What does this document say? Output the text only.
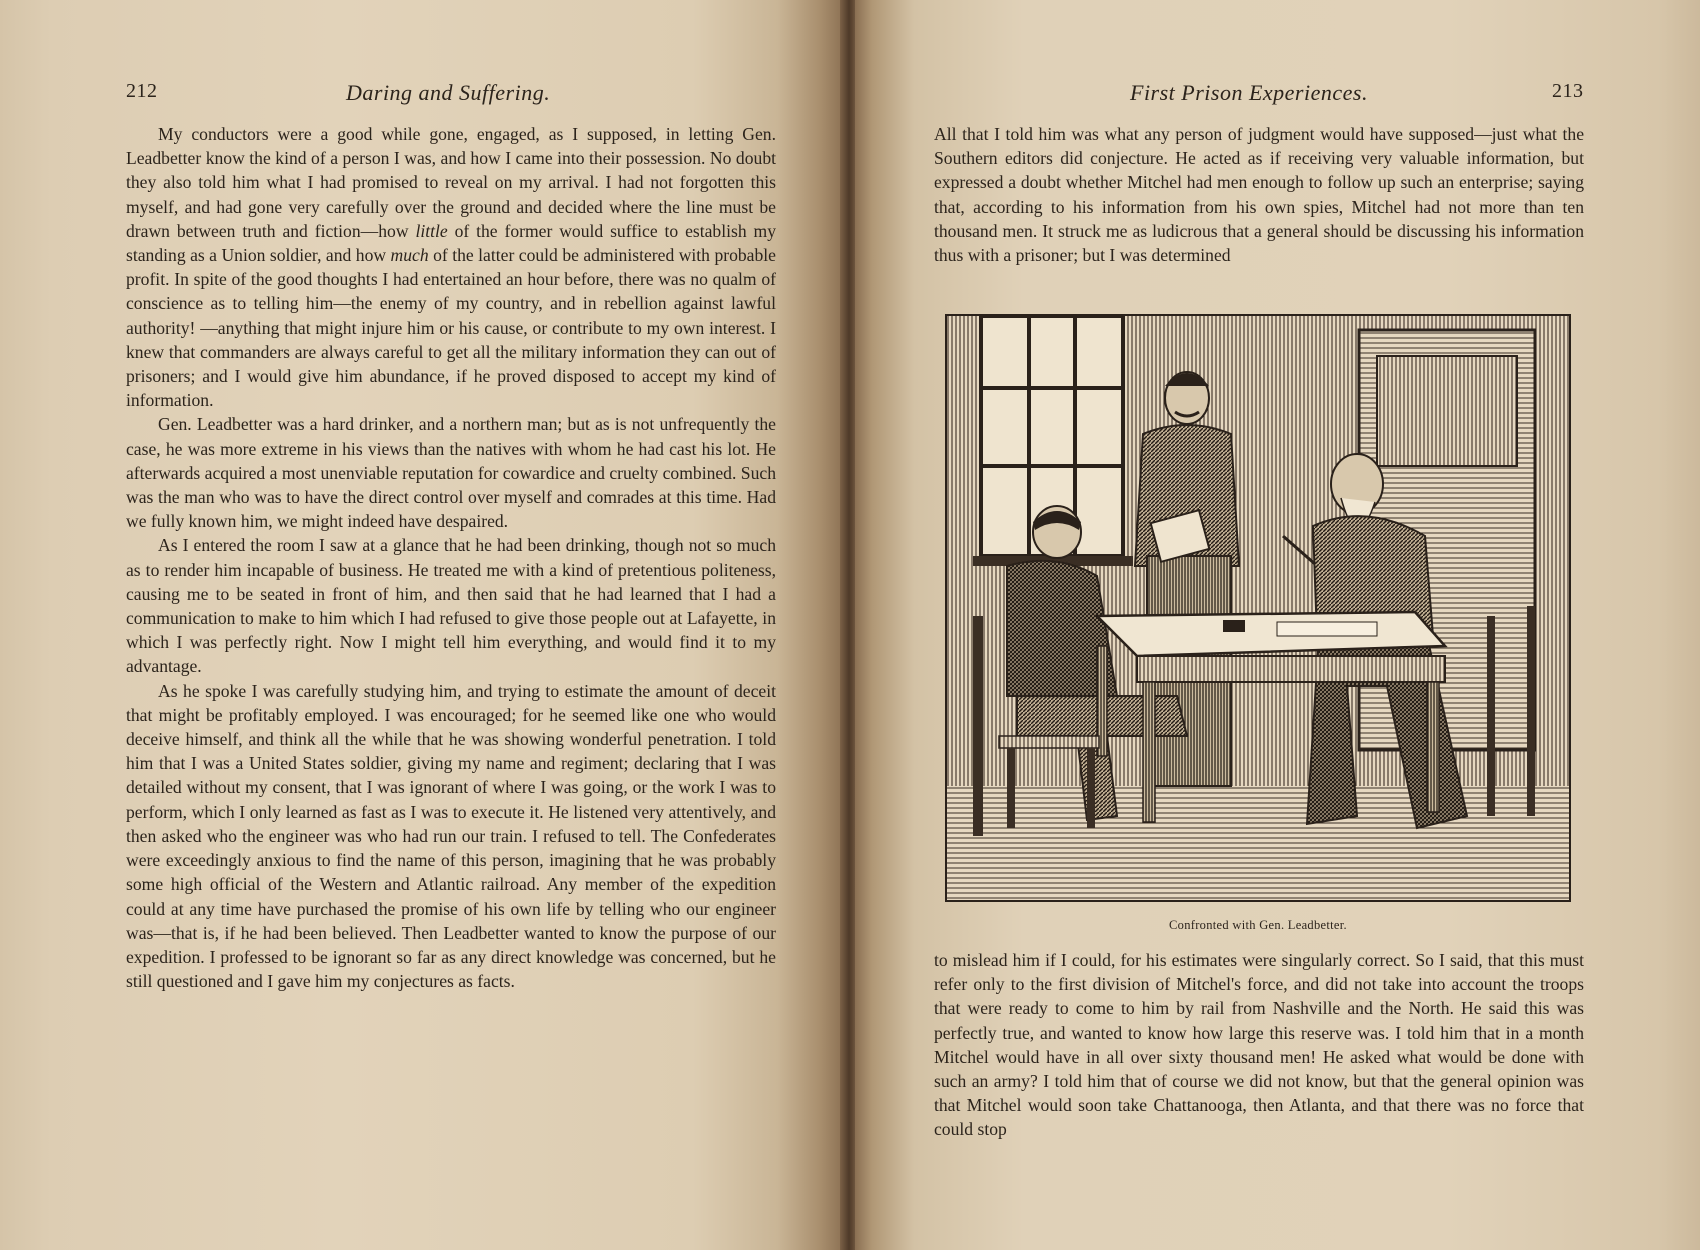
212	Daring and Suffering.

My conductors were a good while gone, engaged, as I supposed, in letting Gen. Leadbetter know the kind of a person I was, and how I came into their possession. No doubt they also told him what I had promised to reveal on my arrival. I had not forgotten this myself, and had gone very carefully over the ground and decided where the line must be drawn between truth and fiction—how little of the former would suffice to establish my standing as a Union soldier, and how much of the latter could be administered with probable profit. In spite of the good thoughts I had entertained an hour before, there was no qualm of conscience as to telling him—the enemy of my country, and in rebellion against lawful authority! —anything that might injure him or his cause, or contribute to my own interest. I knew that commanders are always careful to get all the military information they can out of prisoners; and I would give him abundance, if he proved disposed to accept my kind of information.

Gen. Leadbetter was a hard drinker, and a northern man; but as is not unfrequently the case, he was more extreme in his views than the natives with whom he had cast his lot. He afterwards acquired a most unenviable reputation for cowardice and cruelty combined. Such was the man who was to have the direct control over myself and comrades at this time. Had we fully known him, we might indeed have despaired.

As I entered the room I saw at a glance that he had been drinking, though not so much as to render him incapable of business. He treated me with a kind of pretentious politeness, causing me to be seated in front of him, and then said that he had learned that I had a communication to make to him which I had refused to give those people out at Lafayette, in which I was perfectly right. Now I might tell him everything, and would find it to my advantage.

As he spoke I was carefully studying him, and trying to estimate the amount of deceit that might be profitably employed. I was encouraged; for he seemed like one who would deceive himself, and think all the while that he was showing wonderful penetration. I told him that I was a United States soldier, giving my name and regiment; declaring that I was detailed without my consent, that I was ignorant of where I was going, or the work I was to perform, which I only learned as fast as I was to execute it. He listened very attentively, and then asked who the engineer was who had run our train. I refused to tell. The Confederates were exceedingly anxious to find the name of this person, imagining that he was probably some high official of the Western and Atlantic railroad. Any member of the expedition could at any time have purchased the promise of his own life by telling who our engineer was—that is, if he had been believed. Then Leadbetter wanted to know the purpose of our expedition. I professed to be ignorant so far as any direct knowledge was concerned, but he still questioned and I gave him my conjectures as facts.

First Prison Experiences.	213

All that I told him was what any person of judgment would have supposed—just what the Southern editors did conjecture. He acted as if receiving very valuable information, but expressed a doubt whether Mitchel had men enough to follow up such an enterprise; saying that, according to his information from his own spies, Mitchel had not more than ten thousand men. It struck me as ludicrous that a general should be discussing his information thus with a prisoner; but I was determined

Confronted with Gen. Leadbetter.

to mislead him if I could, for his estimates were singularly correct. So I said, that this must refer only to the first division of Mitchel's force, and did not take into account the troops that were ready to come to him by rail from Nashville and the North. He said this was perfectly true, and wanted to know how large this reserve was. I told him that in a month Mitchel would have in all over sixty thousand men! He asked what would be done with such an army? I told him that of course we did not know, but that the general opinion was that Mitchel would soon take Chattanooga, then Atlanta, and that there was no force that could stop
